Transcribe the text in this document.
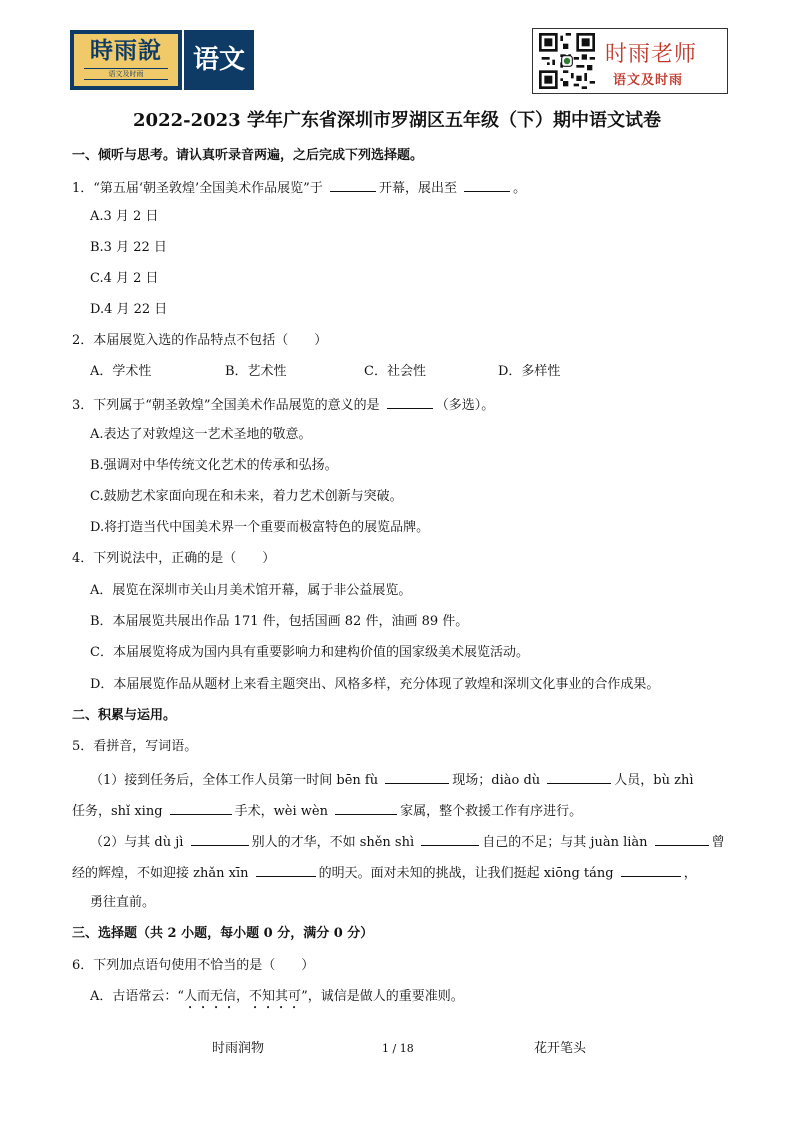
時雨說
语文及时雨	语文	时雨老师
语文及时雨
2022-2023 学年广东省深圳市罗湖区五年级（下）期中语文试卷
一、倾听与思考。请认真听录音两遍，之后完成下列选择题。
1．“第五届‘朝圣敦煌’全国美术作品展览”于	开幕，展出至	。
A.3 月 2 日
B.3 月 22 日
C.4 月 2 日
D.4 月 22 日
2．本届展览入选的作品特点不包括（　　）
A．学术性	B．艺术性	C．社会性	D．多样性
3．下列属于“朝圣敦煌”全国美术作品展览的意义的是	（多选）。
A.表达了对敦煌这一艺术圣地的敬意。
B.强调对中华传统文化艺术的传承和弘扬。
C.鼓励艺术家面向现在和未来，着力艺术创新与突破。
D.将打造当代中国美术界一个重要而极富特色的展览品牌。
4．下列说法中，正确的是（　　）
A．展览在深圳市关山月美术馆开幕，属于非公益展览。
B．本届展览共展出作品 171 件，包括国画 82 件，油画 89 件。
C．本届展览将成为国内具有重要影响力和建构价值的国家级美术展览活动。
D．本届展览作品从题材上来看主题突出、风格多样，充分体现了敦煌和深圳文化事业的合作成果。
二、积累与运用。
5．看拼音，写词语。
（1）接到任务后，全体工作人员第一时间 bēn fù	现场；diào dù	人员，bù zhì
任务，shǐ xing	手术，wèi wèn	家属，整个救援工作有序进行。
（2）与其 dù jì	别人的才华，不如 shěn shì	自己的不足；与其 juàn liàn	曾
经的辉煌，不如迎接 zhǎn xīn	的明天。面对未知的挑战，让我们挺起 xiōng táng	，
勇往直前。
三、选择题（共 2 小题，每小题 0 分，满分 0 分）
6．下列加点语句使用不恰当的是（　　）
A．古语常云：“人而无信，不知其可”，诚信是做人的重要准则。
时雨润物	1 / 18	花开笔头
